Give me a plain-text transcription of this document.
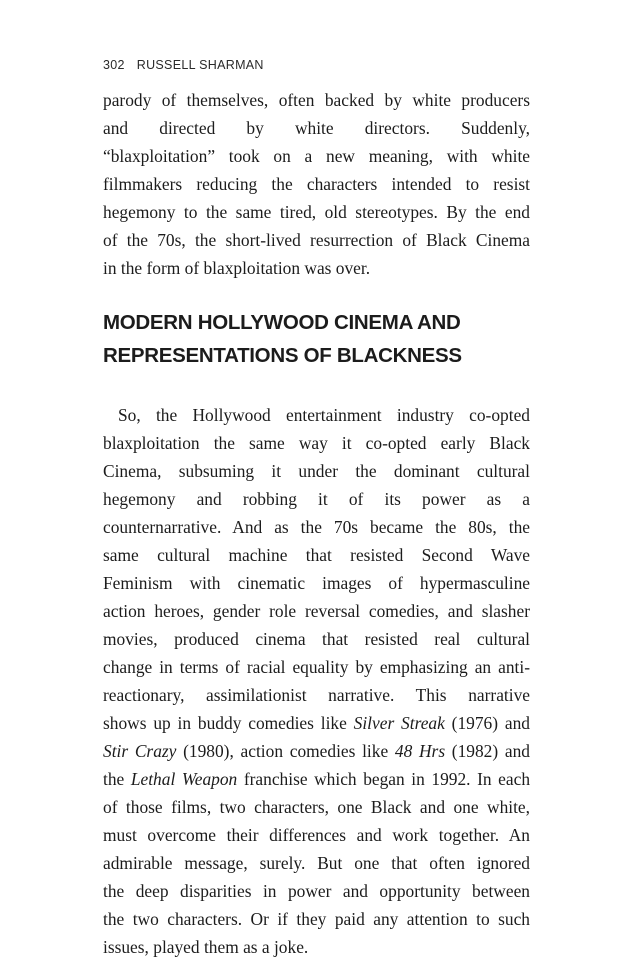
302 RUSSELL SHARMAN

parody of themselves, often backed by white producers
and directed by white directors. Suddenly,
“blaxploitation” took on a new meaning, with white
filmmakers reducing the characters intended to resist
hegemony to the same tired, old stereotypes. By the end
of the 70s, the short-lived resurrection of Black Cinema
in the form of blaxploitation was over.

MODERN HOLLYWOOD CINEMA AND
REPRESENTATIONS OF BLACKNESS

So, the Hollywood entertainment industry co-opted
blaxploitation the same way it co-opted early Black
Cinema, subsuming it under the dominant cultural
hegemony and robbing it of its power as a
counternarrative. And as the 70s became the 80s, the
same cultural machine that resisted Second Wave
Feminism with cinematic images of hypermasculine
action heroes, gender role reversal comedies, and slasher
movies, produced cinema that resisted real cultural
change in terms of racial equality by emphasizing an anti-
reactionary, assimilationist narrative. This narrative
shows up in buddy comedies like Silver Streak (1976) and
Stir Crazy (1980), action comedies like 48 Hrs (1982) and
the Lethal Weapon franchise which began in 1992. In each
of those films, two characters, one Black and one white,
must overcome their differences and work together. An
admirable message, surely. But one that often ignored
the deep disparities in power and opportunity between
the two characters. Or if they paid any attention to such
issues, played them as a joke.
